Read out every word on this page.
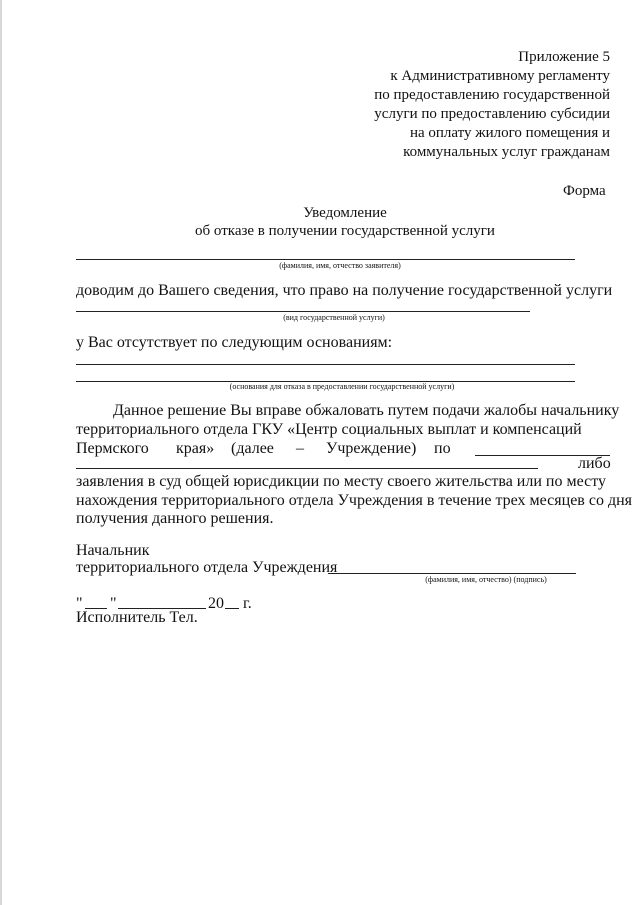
Приложение 5
к Административному регламенту
по предоставлению государственной
услуги по предоставлению субсидии
на оплату жилого помещения и
коммунальных услуг гражданам
Форма
Уведомление
об отказе в получении государственной услуги
(фамилия, имя, отчество заявителя)
доводим до Вашего сведения, что право на получение государственной услуги
(вид государственной услуги)
у Вас отсутствует по следующим основаниям:
(основания для отказа в предоставлении государственной услуги)
Данное решение Вы вправе обжаловать путем подачи жалобы начальнику
территориального отдела ГКУ «Центр социальных выплат и компенсаций
Пермского края» (далее – Учреждение) по
либо
заявления в суд общей юрисдикции по месту своего жительства или по месту
нахождения территориального отдела Учреждения в течение трех месяцев со дня
получения данного решения.
Начальник
территориального отдела Учреждения
(фамилия, имя, отчество) (подпись)
" "	20 г.
Исполнитель Тел.
